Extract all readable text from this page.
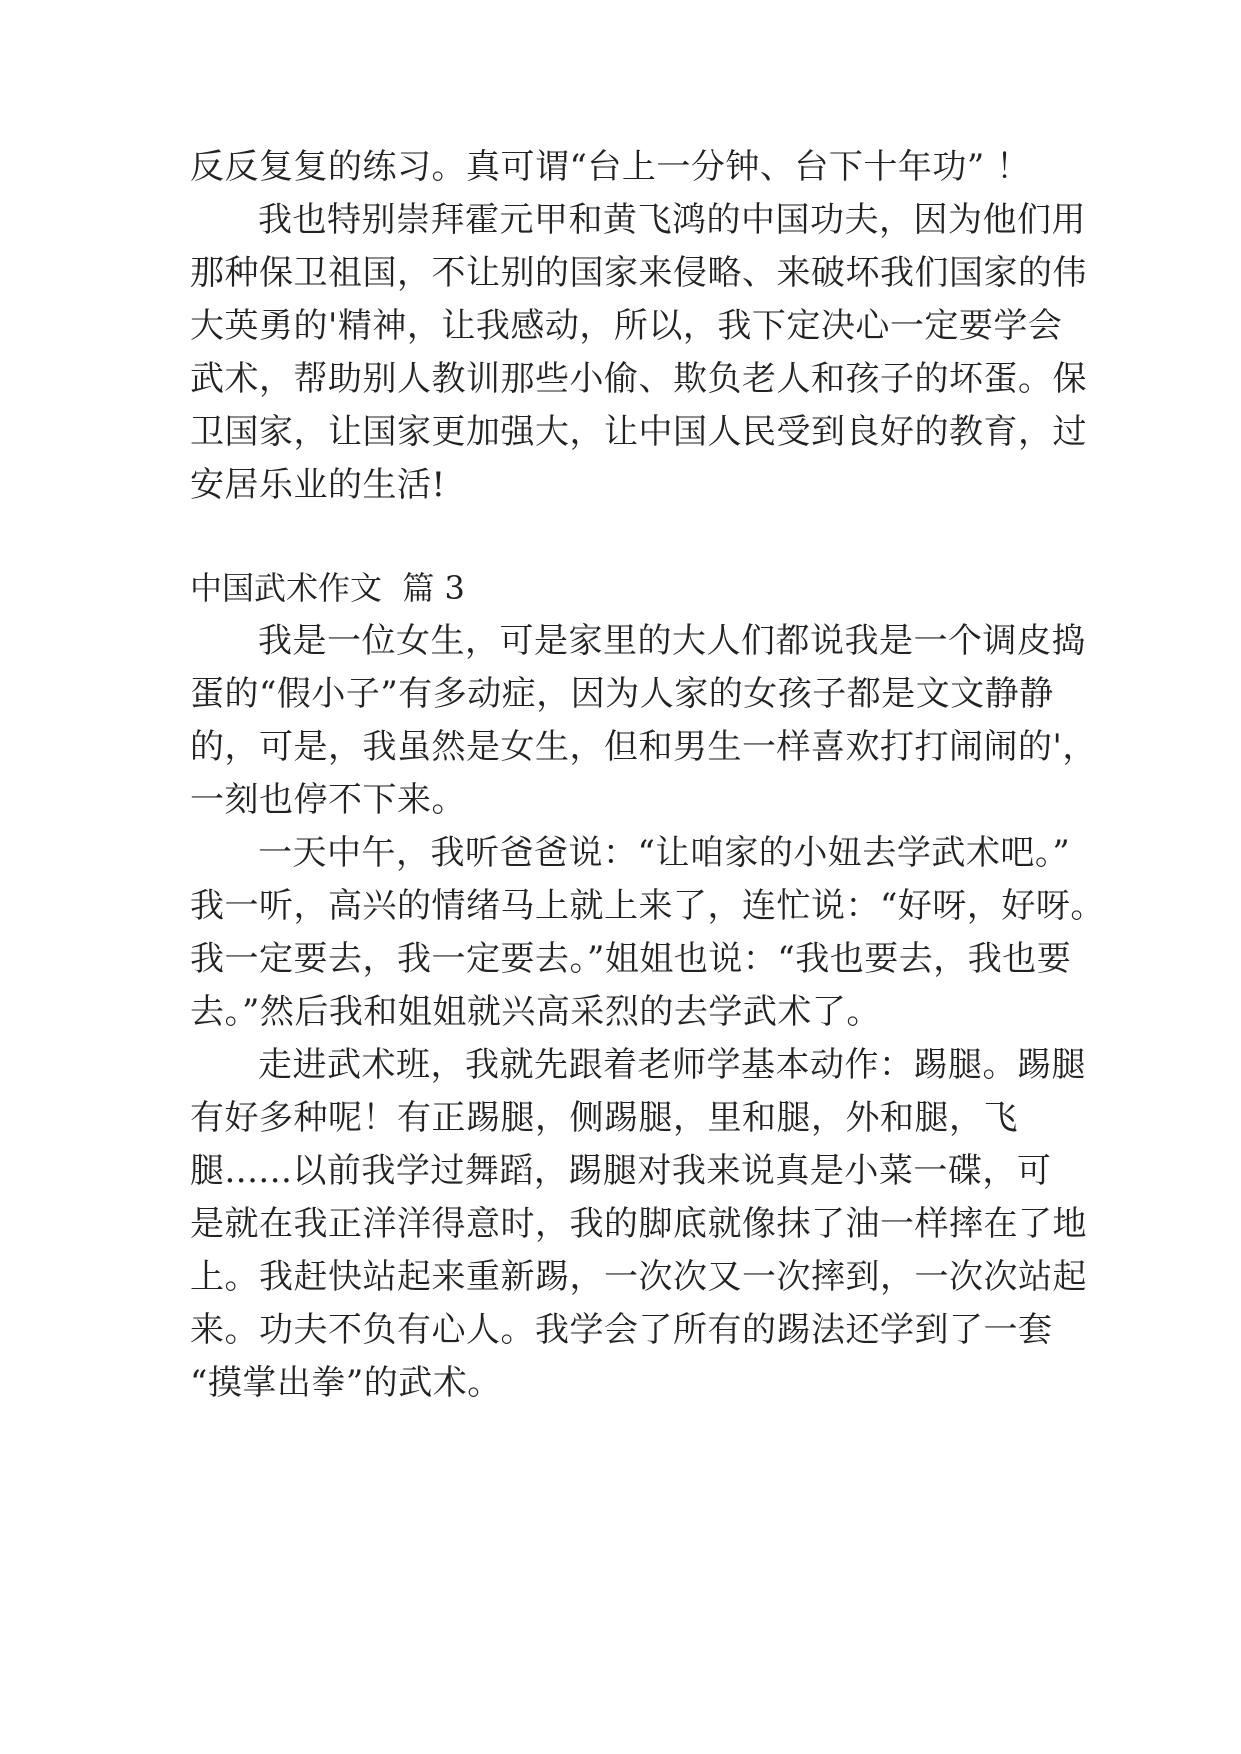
反反复复的练习。真可谓“台上一分钟、台下十年功” ！
我也特别崇拜霍元甲和黄飞鸿的中国功夫，因为他们用
那种保卫祖国，不让别的国家来侵略、来破坏我们国家的伟
大英勇的'精神，让我感动，所以，我下定决心一定要学会
武术，帮助别人教训那些小偷、欺负老人和孩子的坏蛋。保
卫国家，让国家更加强大，让中国人民受到良好的教育，过
安居乐业的生活!
中国武术作文  篇 3
我是一位女生，可是家里的大人们都说我是一个调皮捣
蛋的“假小子”有多动症，因为人家的女孩子都是文文静静
的，可是，我虽然是女生，但和男生一样喜欢打打闹闹的'，
一刻也停不下来。
一天中午，我听爸爸说：“让咱家的小妞去学武术吧。”
我一听，高兴的情绪马上就上来了，连忙说：“好呀，好呀。
我一定要去，我一定要去。”姐姐也说：“我也要去，我也要
去。”然后我和姐姐就兴高采烈的去学武术了。
走进武术班，我就先跟着老师学基本动作：踢腿。踢腿
有好多种呢！有正踢腿，侧踢腿，里和腿，外和腿，飞
腿......以前我学过舞蹈，踢腿对我来说真是小菜一碟，可
是就在我正洋洋得意时，我的脚底就像抹了油一样摔在了地
上。我赶快站起来重新踢，一次次又一次摔到，一次次站起
来。功夫不负有心人。我学会了所有的踢法还学到了一套
“摸掌出拳”的武术。
